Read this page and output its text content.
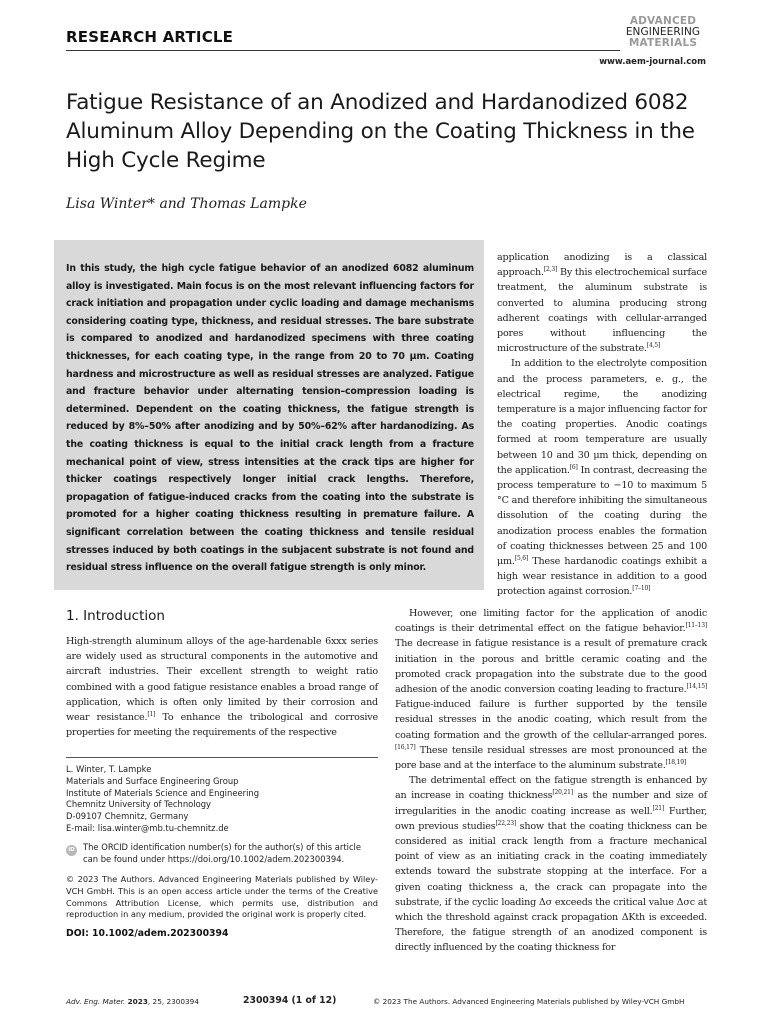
RESEARCH ARTICLE
ADVANCED
ENGINEERING
MATERIALS
www.aem-journal.com
Fatigue Resistance of an Anodized and Hardanodized 6082 Aluminum Alloy Depending on the Coating Thickness in the High Cycle Regime
Lisa Winter* and Thomas Lampke

In this study, the high cycle fatigue behavior of an anodized 6082 aluminum alloy is investigated. Main focus is on the most relevant influencing factors for crack initiation and propagation under cyclic loading and damage mechanisms considering coating type, thickness, and residual stresses. The bare substrate is compared to anodized and hardanodized specimens with three coating thicknesses, for each coating type, in the range from 20 to 70 μm. Coating hardness and microstructure as well as residual stresses are analyzed. Fatigue and fracture behavior under alternating tension–compression loading is determined. Dependent on the coating thickness, the fatigue strength is reduced by 8%–50% after anodizing and by 50%–62% after hardanodizing. As the coating thickness is equal to the initial crack length from a fracture mechanical point of view, stress intensities at the crack tips are higher for thicker coatings respectively longer initial crack lengths. Therefore, propagation of fatigue-induced cracks from the coating into the substrate is promoted for a higher coating thickness resulting in premature failure. A significant correlation between the coating thickness and tensile residual stresses induced by both coatings in the subjacent substrate is not found and residual stress influence on the overall fatigue strength is only minor.

application anodizing is a classical approach.[2,3] By this electrochemical surface treatment, the aluminum substrate is converted to alumina producing strong adherent coatings with cellular-arranged pores without influencing the microstructure of the substrate.[4,5]

In addition to the electrolyte composition and the process parameters, e. g., the electrical regime, the anodizing temperature is a major influencing factor for the coating properties. Anodic coatings formed at room temperature are usually between 10 and 30 μm thick, depending on the application.[6] In contrast, decreasing the process temperature to −10 to maximum 5 °C and therefore inhibiting the simultaneous dissolution of the coating during the anodization process enables the formation of coating thicknesses between 25 and 100 μm.[5,6] These hardanodic coatings exhibit a high wear resistance in addition to a good protection against corrosion.[7–10]

However, one limiting factor for the application of anodic coatings is their detrimental effect on the fatigue behavior.[11–13] The decrease in fatigue resistance is a result of premature crack initiation in the porous and brittle ceramic coating and the promoted crack propagation into the substrate due to the good adhesion of the anodic conversion coating leading to fracture.[14,15] Fatigue-induced failure is further supported by the tensile residual stresses in the anodic coating, which result from the coating formation and the growth of the cellular-arranged pores.[16,17] These tensile residual stresses are most pronounced at the pore base and at the interface to the aluminum substrate.[18,19]

The detrimental effect on the fatigue strength is enhanced by an increase in coating thickness[20,21] as the number and size of irregularities in the anodic coating increase as well.[21] Further, own previous studies[22,23] show that the coating thickness can be considered as initial crack length from a fracture mechanical point of view as an initiating crack in the coating immediately extends toward the substrate stopping at the interface. For a given coating thickness a, the crack can propagate into the substrate, if the cyclic loading Δσ exceeds the critical value Δσc at which the threshold against crack propagation ΔKth is exceeded. Therefore, the fatigue strength of an anodized component is directly influenced by the coating thickness for

1. Introduction

High-strength aluminum alloys of the age-hardenable 6xxx series are widely used as structural components in the automotive and aircraft industries. Their excellent strength to weight ratio combined with a good fatigue resistance enables a broad range of application, which is often only limited by their corrosion and wear resistance.[1] To enhance the tribological and corrosive properties for meeting the requirements of the respective

L. Winter, T. Lampke
Materials and Surface Engineering Group
Institute of Materials Science and Engineering
Chemnitz University of Technology
D-09107 Chemnitz, Germany
E-mail: lisa.winter@mb.tu-chemnitz.de
iD The ORCID identification number(s) for the author(s) of this article can be found under https://doi.org/10.1002/adem.202300394.
© 2023 The Authors. Advanced Engineering Materials published by Wiley-VCH GmbH. This is an open access article under the terms of the Creative Commons Attribution License, which permits use, distribution and reproduction in any medium, provided the original work is properly cited.
DOI: 10.1002/adem.202300394
Adv. Eng. Mater. 2023, 25, 2300394	2300394 (1 of 12)	© 2023 The Authors. Advanced Engineering Materials published by Wiley-VCH GmbH
